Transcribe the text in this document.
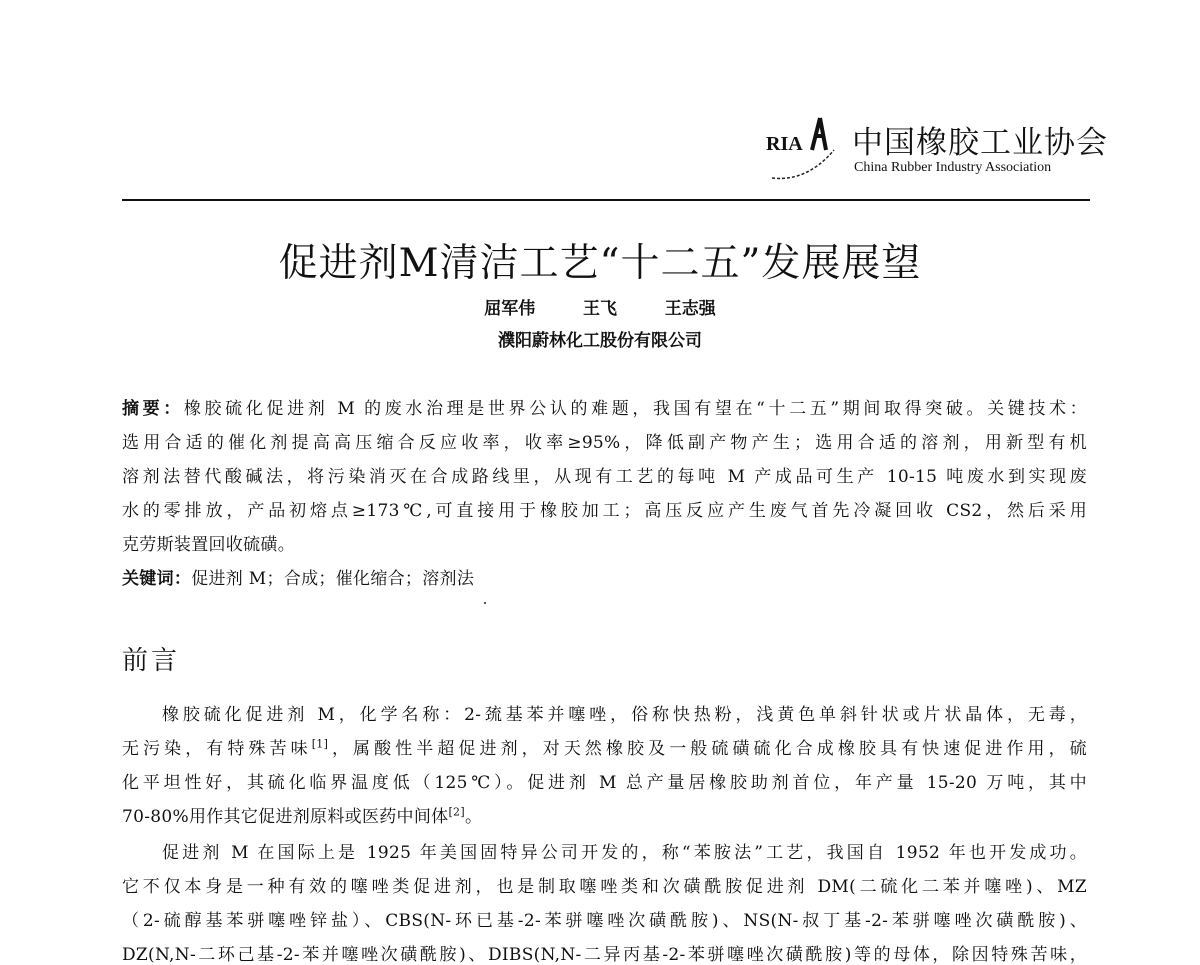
RIA 中国橡胶工业协会
China Rubber Industry Association
促进剂M清洁工艺“十二五”发展展望
屈军伟   王飞   王志强
濮阳蔚林化工股份有限公司
摘要：橡胶硫化促进剂 M 的废水治理是世界公认的难题，我国有望在“十二五”期间取得突破。关键技术：
选用合适的催化剂提高高压缩合反应收率，收率≥95%，降低副产物产生；选用合适的溶剂，用新型有机
溶剂法替代酸碱法，将污染消灭在合成路线里，从现有工艺的每吨 M 产成品可生产 10-15 吨废水到实现废
水的零排放，产品初熔点≥173℃,可直接用于橡胶加工；高压反应产生废气首先冷凝回收 CS2，然后采用
克劳斯装置回收硫磺。
关键词：促进剂 M；合成；催化缩合；溶剂法
前言
橡胶硫化促进剂 M，化学名称：2-巯基苯并噻唑，俗称快热粉，浅黄色单斜针状或片状晶体，无毒，
无污染，有特殊苦味[1]，属酸性半超促进剂，对天然橡胶及一般硫磺硫化合成橡胶具有快速促进作用，硫
化平坦性好，其硫化临界温度低（125℃）。促进剂 M 总产量居橡胶助剂首位，年产量 15-20 万吨，其中
70-80%用作其它促进剂原料或医药中间体[2]。
促进剂 M 在国际上是 1925 年美国固特异公司开发的，称“苯胺法”工艺，我国自 1952 年也开发成功。
它不仅本身是一种有效的噻唑类促进剂，也是制取噻唑类和次磺酰胺促进剂 DM(二硫化二苯并噻唑)、MZ
（2-硫醇基苯骈噻唑锌盐）、CBS(N-环已基-2-苯骈噻唑次磺酰胺)、NS(N-叔丁基-2-苯骈噻唑次磺酰胺)、
DZ(N,N-二环己基-2-苯并噻唑次磺酰胺)、DIBS(N,N-二异丙基-2-苯骈噻唑次磺酰胺)等的母体，除因特殊苦味，
